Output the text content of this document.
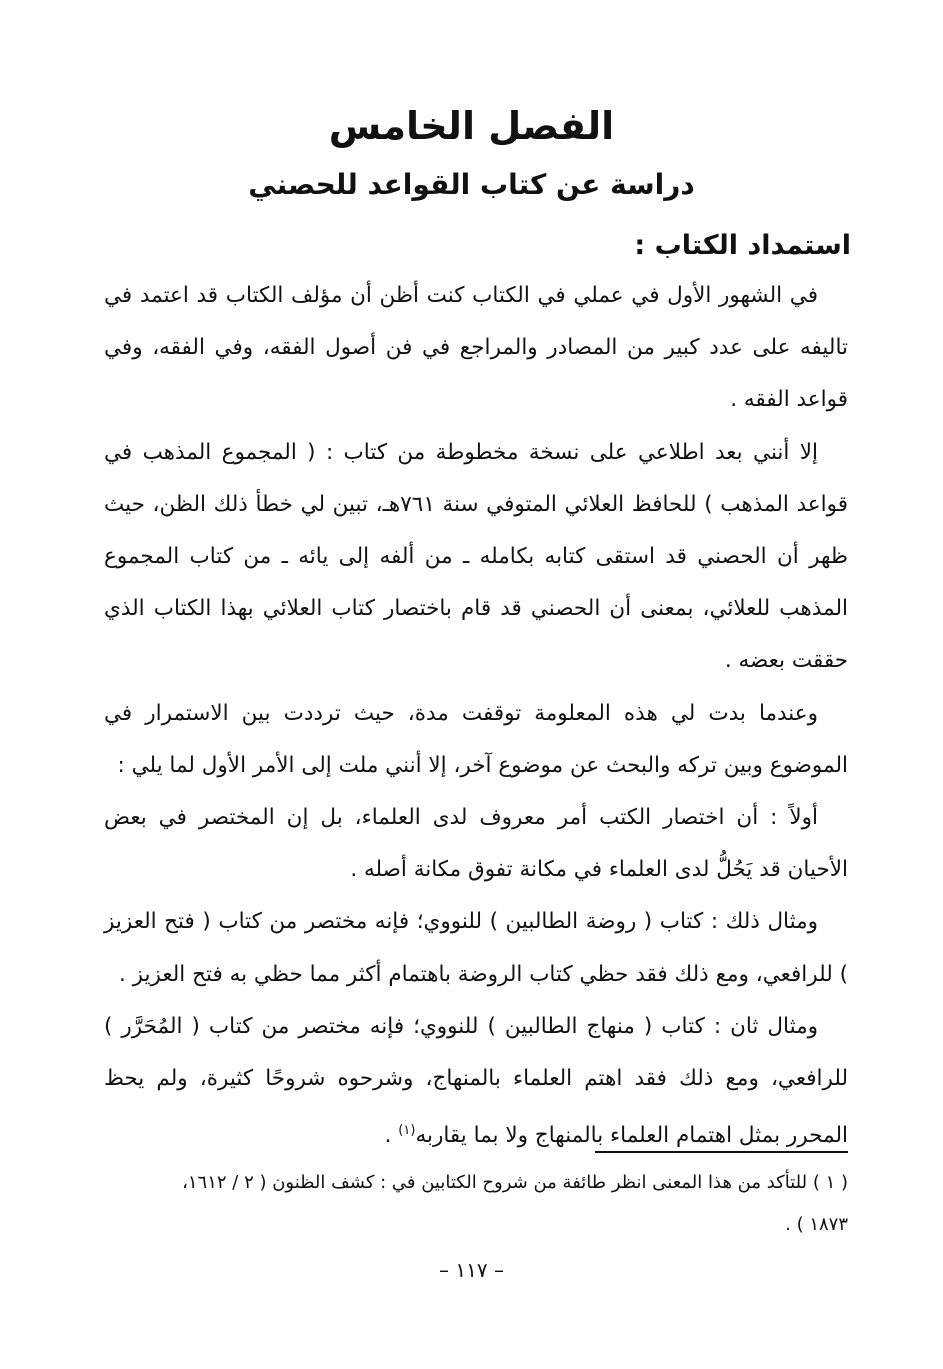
الفصل الخامس
دراسة عن كتاب القواعد للحصني
استمداد الكتاب :

في الشهور الأول في عملي في الكتاب كنت أظن أن مؤلف الكتاب قد اعتمد في تاليفه على عدد كبير من المصادر والمراجع في فن أصول الفقه، وفي الفقه، وفي قواعد الفقه .

إلا أنني بعد اطلاعي على نسخة مخطوطة من كتاب : ( المجموع المذهب في قواعد المذهب ) للحافظ العلائي المتوفي سنة ٧٦١هـ، تبين لي خطأ ذلك الظن، حيث ظهر أن الحصني قد استقى كتابه بكامله ـ من ألفه إلى يائه ـ من كتاب المجموع المذهب للعلائي، بمعنى أن الحصني قد قام باختصار كتاب العلائي بهذا الكتاب الذي حققت بعضه .

وعندما بدت لي هذه المعلومة توقفت مدة، حيث ترددت بين الاستمرار في الموضوع وبين تركه والبحث عن موضوع آخر، إلا أنني ملت إلى الأمر الأول لما يلي :

أولاً : أن اختصار الكتب أمر معروف لدى العلماء، بل إن المختصر في بعض الأحيان قد يَحُلُّ لدى العلماء في مكانة تفوق مكانة أصله .

ومثال ذلك : كتاب ( روضة الطالبين ) للنووي؛ فإنه مختصر من كتاب ( فتح العزيز ) للرافعي، ومع ذلك فقد حظي كتاب الروضة باهتمام أكثر مما حظي به فتح العزيز .

ومثال ثان : كتاب ( منهاج الطالبين ) للنووي؛ فإنه مختصر من كتاب ( المُحَرَّر ) للرافعي، ومع ذلك فقد اهتم العلماء بالمنهاج، وشرحوه شروحًا كثيرة، ولم يحظ المحرر بمثل اهتمام العلماء بالمنهاج ولا بما يقاربه$^{(١)}$ .

( ١ ) للتأكد من هذا المعنى انظر طائفة من شروح الكتابين في : كشف الظنون ( ٢ / ١٦١٢،

١٨٧٣ ) .

– ١١٧ –
